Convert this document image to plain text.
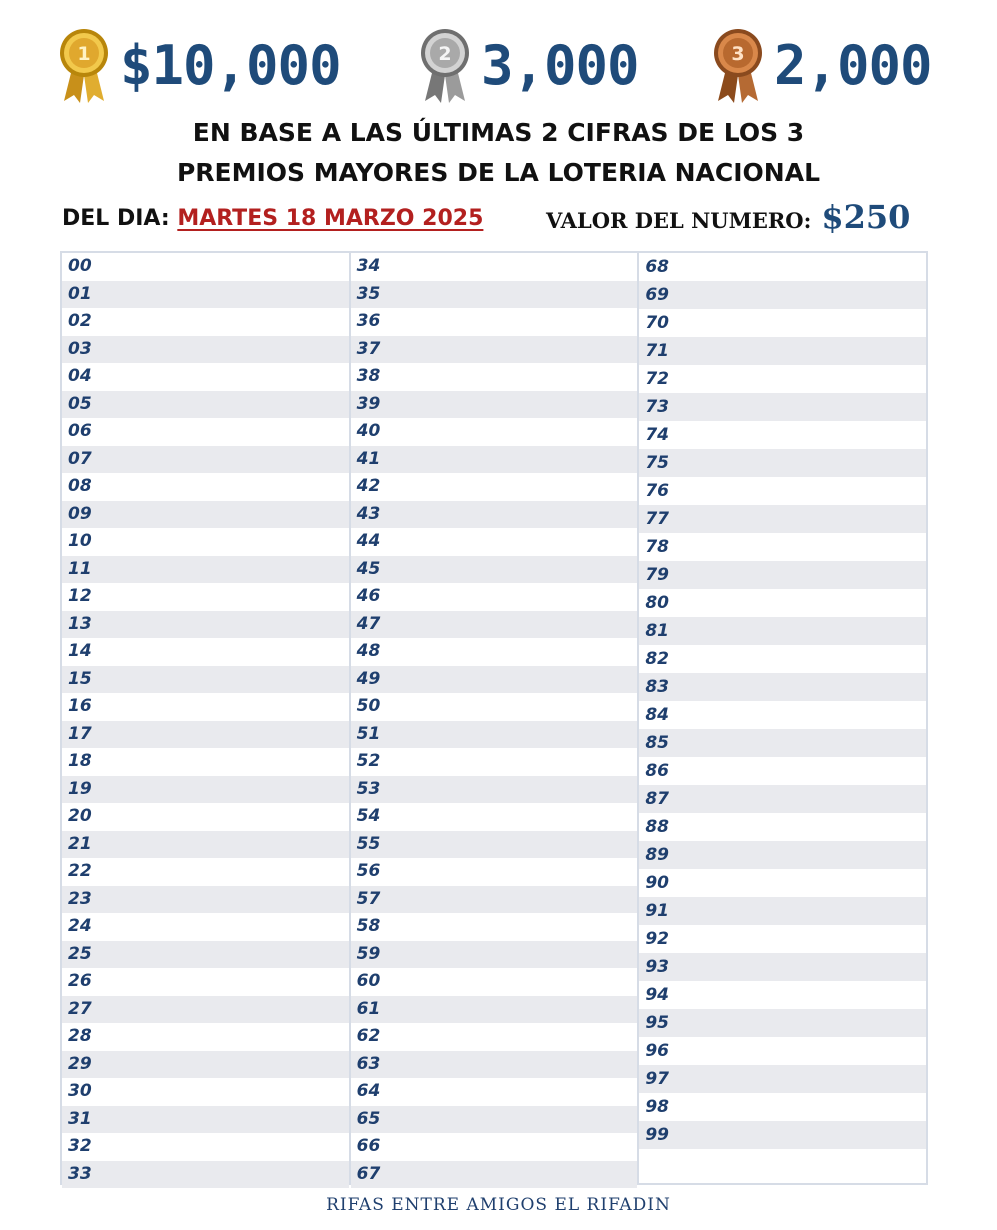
1 $10,000	2 3,000	3 2,000
EN BASE A LAS ÚLTIMAS 2 CIFRAS DE LOS 3
PREMIOS MAYORES DE LA LOTERIA NACIONAL
DEL DIA: MARTES 18 MARZO 2025	VALOR DEL NUMERO: $250
00
01
02
03
04
05
06
07
08
09
10
11
12
13
14
15
16
17
18
19
20
21
22
23
24
25
26
27
28
29
30
31
32
33
34
35
36
37
38
39
40
41
42
43
44
45
46
47
48
49
50
51
52
53
54
55
56
57
58
59
60
61
62
63
64
65
66
67
68
69
70
71
72
73
74
75
76
77
78
79
80
81
82
83
84
85
86
87
88
89
90
91
92
93
94
95
96
97
98
99
RIFAS ENTRE AMIGOS EL RIFADIN
